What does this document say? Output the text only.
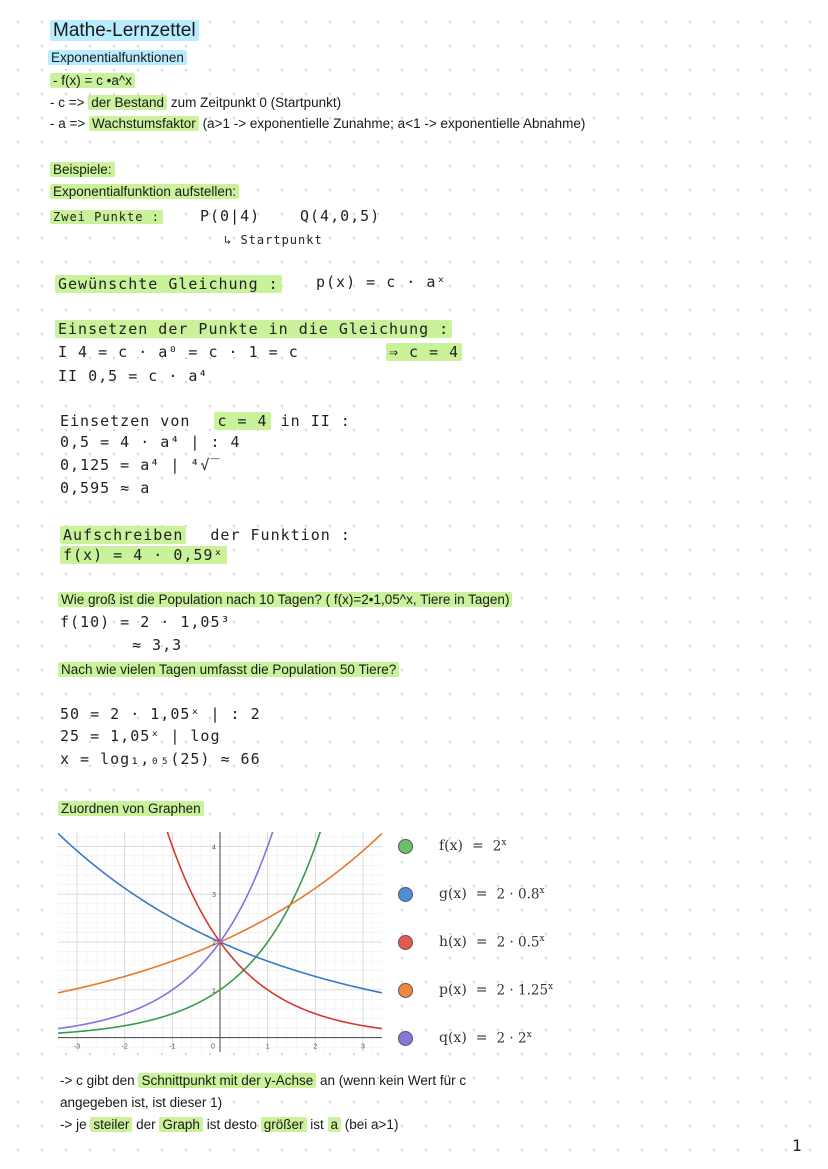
Mathe-Lernzettel
Exponentialfunktionen
- f(x) = c •a^x
- c => der Bestand zum Zeitpunkt 0 (Startpunkt)
- a => Wachstumsfaktor (a>1 -> exponentielle Zunahme; a<1 -> exponentielle Abnahme)
Beispiele:
Exponentialfunktion aufstellen:
Zwei Punkte :	P(0|4)	Q(4,0,5)
↳ Startpunkt
Gewünschte Gleichung : p(x) = c · aˣ
Einsetzen der Punkte in die Gleichung :
I 4 = c · a⁰ = c · 1 = c	⇒ c = 4
II 0,5 = c · a⁴
Einsetzen von c = 4 in II :
0,5 = 4 · a⁴ | : 4
0,125 = a⁴ | ⁴√‾
0,595 ≈ a
Aufschreiben der Funktion :
f(x) = 4 · 0,59ˣ
Wie groß ist die Population nach 10 Tagen? ( f(x)=2•1,05^x, Tiere in Tagen)
f(10) = 2 · 1,05³
≈ 3,3
Nach wie vielen Tagen umfasst die Population 50 Tiere?
50 = 2 · 1,05ˣ | : 2
25 = 1,05ˣ | log
x = log₁,₀₅(25) ≈ 66
Zuordnen von Graphen
-3	-2	-1	0	1	2	3
1
2
3
4	$f(x) = 2^x$
$g(x) = 2 \cdot 0.8^x$
$h(x) = 2 \cdot 0.5^x$
$p(x) = 2 \cdot 1.25^x$
$q(x) = 2 \cdot 2^x$
-> c gibt den Schnittpunkt mit der y-Achse an (wenn kein Wert für c
angegeben ist, ist dieser 1)
-> je steiler der Graph ist desto größer ist a (bei a>1)
1
